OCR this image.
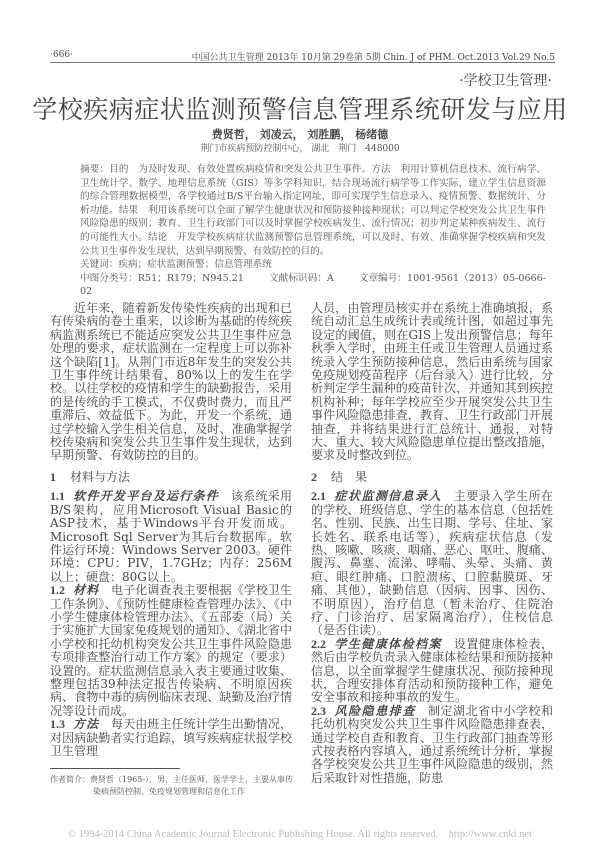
·666·	中国公共卫生管理 2013年 10月第 29卷第 5期 Chin. J of PHM. Oct.2013 Vol.29 No.5
·学校卫生管理·
学校疾病症状监测预警信息管理系统研发与应用
费贤哲， 刘凌云， 刘胜鹏， 杨绪德
荆门市疾病预防控制中心， 湖北　荆门　448000

摘要：目的　为及时发现、有效处置疾病疫情和突发公共卫生事件。方法　利用计算机信息技术、流行病学、卫生统计学、数学、地理信息系统（GIS）等多学科知识，结合现场流行病学等工作实际，建立学生信息资源的综合管理数据模型，各学校通过B/S平台输入指定网址，即可实现学生信息录入、疫情预警、数据统计、分析功能。结果　利用该系统可以全面了解学生健康状况和预防接种接种现状；可以判定学校突发公共卫生事件风险隐患的级别；教育、卫生行政部门可以及时掌握学校疾病发生、流行情况；初步判定某种疾病发生、流行的可能性大小。结论　开发学校疾病症状监测预警信息管理系统，可以及时、有效、准确掌握学校疾病和突发公共卫生事件发生现状，达到早期预警、有效防控的目的。

关键词：疾病；症状监测预警；信息管理系统

中图分类号：R51；R179；N945.21	文献标识码：A	文章编号：1001-9561（2013）05-0666-02

近年来，随着新发传染性疾病的出现和已有传染病的卷土重来，以诊断为基础的传统疾病监测系统已不能适应突发公共卫生事件应急处理的要求，症状监测在一定程度上可以弥补这个缺陷[1]。从荆门市近8年发生的突发公共卫生事件统计结果看，80%以上的发生在学校。以往学校的疫情和学生的缺勤报告，采用的是传统的手工模式，不仅费时费力，而且严重滞后、效益低下。为此，开发一个系统，通过学校输入学生相关信息，及时、准确掌握学校传染病和突发公共卫生事件发生现状，达到早期预警、有效防控的目的。

1 材料与方法

1.1 软件开发平台及运行条件 该系统采用B/S架构，应用Microsoft Visual Basic的ASP技术，基于Windows平台开发而成。Microsoft Sql Server为其后台数据库。软件运行环境：Windows Server 2003。硬件环境：CPU：PIV，1.7GHz；内存：256M以上；硬盘：80G以上。

1.2 材料 电子化调查表主要根据《学校卫生工作条例》、《预防性健康检查管理办法》、《中小学生健康体检管理办法》、《五部委（局）关于实施扩大国家免疫规划的通知》、《湖北省中小学校和托幼机构突发公共卫生事件风险隐患专项排查整治行动工作方案》的规定（要求）设置的。症状监测信息录入表主要通过收集、整理包括39种法定报告传染病、不明原因疾病、食物中毒的病例临床表现、缺勤及治疗情况等设计而成。

1.3 方法 每天由班主任统计学生出勤情况，对因病缺勤者实行追踪，填写疾病症状报学校卫生管理

作者简介：费贤哲（1965-），男，主任医师，医学学士，主要从事传
染病预防控制、免疫规划管理和信息化工作

人员，由管理员核实并在系统上准确填报，系统自动汇总生成统计表或统计图，如超过事先设定的阈值，则在GIS上发出预警信息；每年秋季入学时，由班主任或卫生管理人员通过系统录入学生预防接种信息，然后由系统与国家免疫规划疫苗程序（后台录入）进行比较，分析判定学生漏种的疫苗针次，并通知其到疾控机构补种；每年学校应至少开展突发公共卫生事件风险隐患排查，教育、卫生行政部门开展抽查，并将结果进行汇总统计、通报，对特大、重大、较大风险隐患单位提出整改措施，要求及时整改到位。

2 结　果

2.1 症状监测信息录入 主要录入学生所在的学校、班级信息、学生的基本信息（包括姓名、性别、民族、出生日期、学号、住址、家长姓名、联系电话等），疾病症状信息（发热、咳嗽、咳痰、咽痛、恶心、呕吐、腹痛、腹泻、鼻塞、流涕、哮喘、头晕、头痛、黄疸、眼红肿痛、口腔溃疡、口腔黏膜斑、牙痛、其他），缺勤信息（因病、因事、因伤、不明原因），治疗信息（暂未治疗、住院治疗、门诊治疗、居家隔离治疗），住校信息（是否住读）。

2.2 学生健康体检档案 设置健康体检表，然后由学校负责录入健康体检结果和预防接种信息，以全面掌握学生健康状况、预防接种现状，合理安排体育活动和预防接种工作，避免安全事故和接种事故的发生。

2.3 风险隐患排查 制定湖北省中小学校和托幼机构突发公共卫生事件风险隐患排查表，通过学校自查和教育、卫生行政部门抽查等形式按表格内容填入，通过系统统计分析，掌握各学校突发公共卫生事件风险隐患的级别，然后采取针对性措施，防患

© 1994-2014 China Academic Journal Electronic Publishing House. All rights reserved.　http://www.cnki.net
